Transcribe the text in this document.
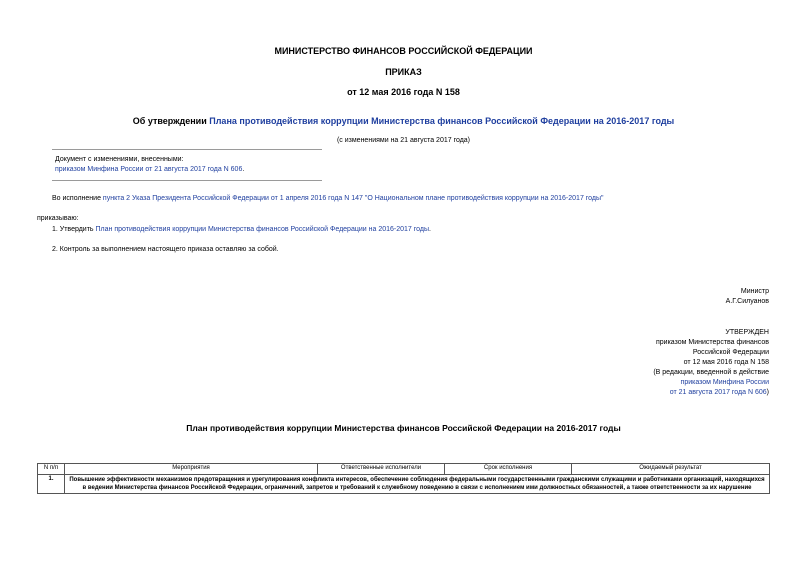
МИНИСТЕРСТВО ФИНАНСОВ РОССИЙСКОЙ ФЕДЕРАЦИИ
ПРИКАЗ
от 12 мая 2016 года N 158
Об утверждении Плана противодействия коррупции Министерства финансов Российской Федерации на 2016-2017 годы
(с изменениями на 21 августа 2017 года)
Документ с изменениями, внесенными:
приказом Минфина России от 21 августа 2017 года N 606.
Во исполнение пункта 2 Указа Президента Российской Федерации от 1 апреля 2016 года N 147 "О Национальном плане противодействия коррупции на 2016-2017 годы"
приказываю:
1. Утвердить План противодействия коррупции Министерства финансов Российской Федерации на 2016-2017 годы.
2. Контроль за выполнением настоящего приказа оставляю за собой.
Министр
А.Г.Силуанов
УТВЕРЖДЕН
приказом Министерства финансов
Российской Федерации
от 12 мая 2016 года N 158
(В редакции, введенной в действие
приказом Минфина России
от 21 августа 2017 года N 606)
План противодействия коррупции Министерства финансов Российской Федерации на 2016-2017 годы
N п/п	Мероприятия	Ответственные исполнители	Срок исполнения	Ожидаемый результат
1.	Повышение эффективности механизмов предотвращения и урегулирования конфликта интересов, обеспечение соблюдения федеральными государственными гражданскими служащими и работниками организаций, находящихся в ведении Министерства финансов Российской Федерации, ограничений, запретов и требований к служебному поведению в связи с исполнением ими должностных обязанностей, а также ответственности за их нарушение			
